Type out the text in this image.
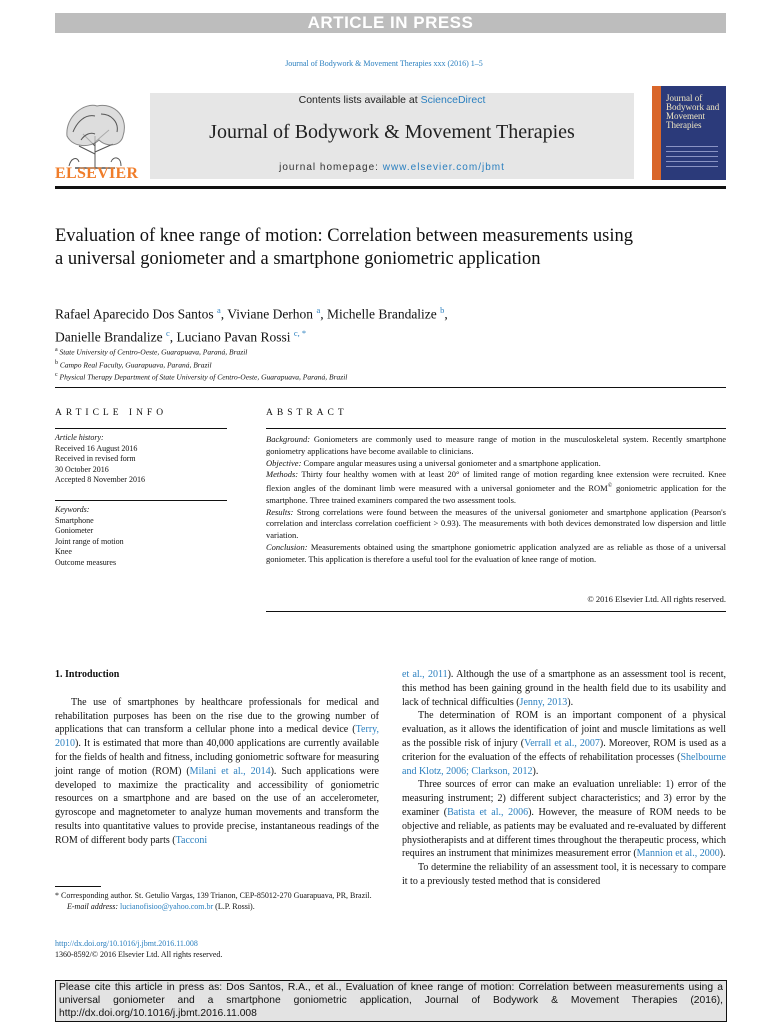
ARTICLE IN PRESS
Journal of Bodywork & Movement Therapies xxx (2016) 1–5
ELSEVIER
Contents lists available at ScienceDirect
Journal of Bodywork & Movement Therapies
journal homepage: www.elsevier.com/jbmt
Journal of Bodywork and Movement Therapies
Evaluation of knee range of motion: Correlation between measurements using a universal goniometer and a smartphone goniometric application
Rafael Aparecido Dos Santos $^a$, Viviane Derhon $^a$, Michelle Brandalize $^b$,
Danielle Brandalize $^c$, Luciano Pavan Rossi $^{c, *}$
$^a$ State University of Centro-Oeste, Guarapuava, Paraná, Brazil
$^b$ Campo Real Faculty, Guarapuava, Paraná, Brazil
$^c$ Physical Therapy Department of State University of Centro-Oeste, Guarapuava, Paraná, Brazil
ARTICLE INFO	ABSTRACT
Article history:
Received 16 August 2016
Received in revised form
30 October 2016
Accepted 8 November 2016
Keywords:
Smartphone
Goniometer
Joint range of motion
Knee
Outcome measures

Background: Goniometers are commonly used to measure range of motion in the musculoskeletal system. Recently smartphone goniometry applications have become available to clinicians.

Objective: Compare angular measures using a universal goniometer and a smartphone application.

Methods: Thirty four healthy women with at least 20° of limited range of motion regarding knee extension were recruited. Knee flexion angles of the dominant limb were measured with a universal goniometer and the ROM© goniometric application for the smartphone. Three trained examiners compared the two assessment tools.

Results: Strong correlations were found between the measures of the universal goniometer and smartphone application (Pearson's correlation and interclass correlation coefficient > 0.93). The measurements with both devices demonstrated low dispersion and little variation.

Conclusion: Measurements obtained using the smartphone goniometric application analyzed are as reliable as those of a universal goniometer. This application is therefore a useful tool for the evaluation of knee range of motion.

© 2016 Elsevier Ltd. All rights reserved.
1. Introduction

The use of smartphones by healthcare professionals for medical and rehabilitation purposes has been on the rise due to the growing number of applications that can transform a cellular phone into a medical device (Terry, 2010). It is estimated that more than 40,000 applications are currently available for the fields of health and fitness, including goniometric software for measuring joint range of motion (ROM) (Milani et al., 2014). Such applications were developed to maximize the practicality and accessibility of goniometric resources on a smartphone and are based on the use of an accelerometer, gyroscope and magnetometer to analyze human movements and transform the results into quantitative values to provide precise, instantaneous readings of the ROM of different body parts (Tacconi

et al., 2011). Although the use of a smartphone as an assessment tool is recent, this method has been gaining ground in the health field due to its usability and lack of technical difficulties (Jenny, 2013).

The determination of ROM is an important component of a physical evaluation, as it allows the identification of joint and muscle limitations as well as the possible risk of injury (Verrall et al., 2007). Moreover, ROM is used as a criterion for the evaluation of the effects of rehabilitation processes (Shelbourne and Klotz, 2006; Clarkson, 2012).

Three sources of error can make an evaluation unreliable: 1) error of the measuring instrument; 2) different subject characteristics; and 3) error by the examiner (Batista et al., 2006). However, the measure of ROM needs to be objective and reliable, as patients may be evaluated and re-evaluated by different physiotherapists and at different times throughout the therapeutic process, which requires an instrument that minimizes measurement error (Mannion et al., 2000).

To determine the reliability of an assessment tool, it is necessary to compare it to a previously tested method that is considered

* Corresponding author. St. Getulio Vargas, 139 Trianon, CEP-85012-270 Guarapuava, PR, Brazil.
E-mail address: lucianofisioo@yahoo.com.br (L.P. Rossi).
http://dx.doi.org/10.1016/j.jbmt.2016.11.008
1360-8592/© 2016 Elsevier Ltd. All rights reserved.
Please cite this article in press as: Dos Santos, R.A., et al., Evaluation of knee range of motion: Correlation between measurements using a universal goniometer and a smartphone goniometric application, Journal of Bodywork & Movement Therapies (2016), http://dx.doi.org/10.1016/j.jbmt.2016.11.008
